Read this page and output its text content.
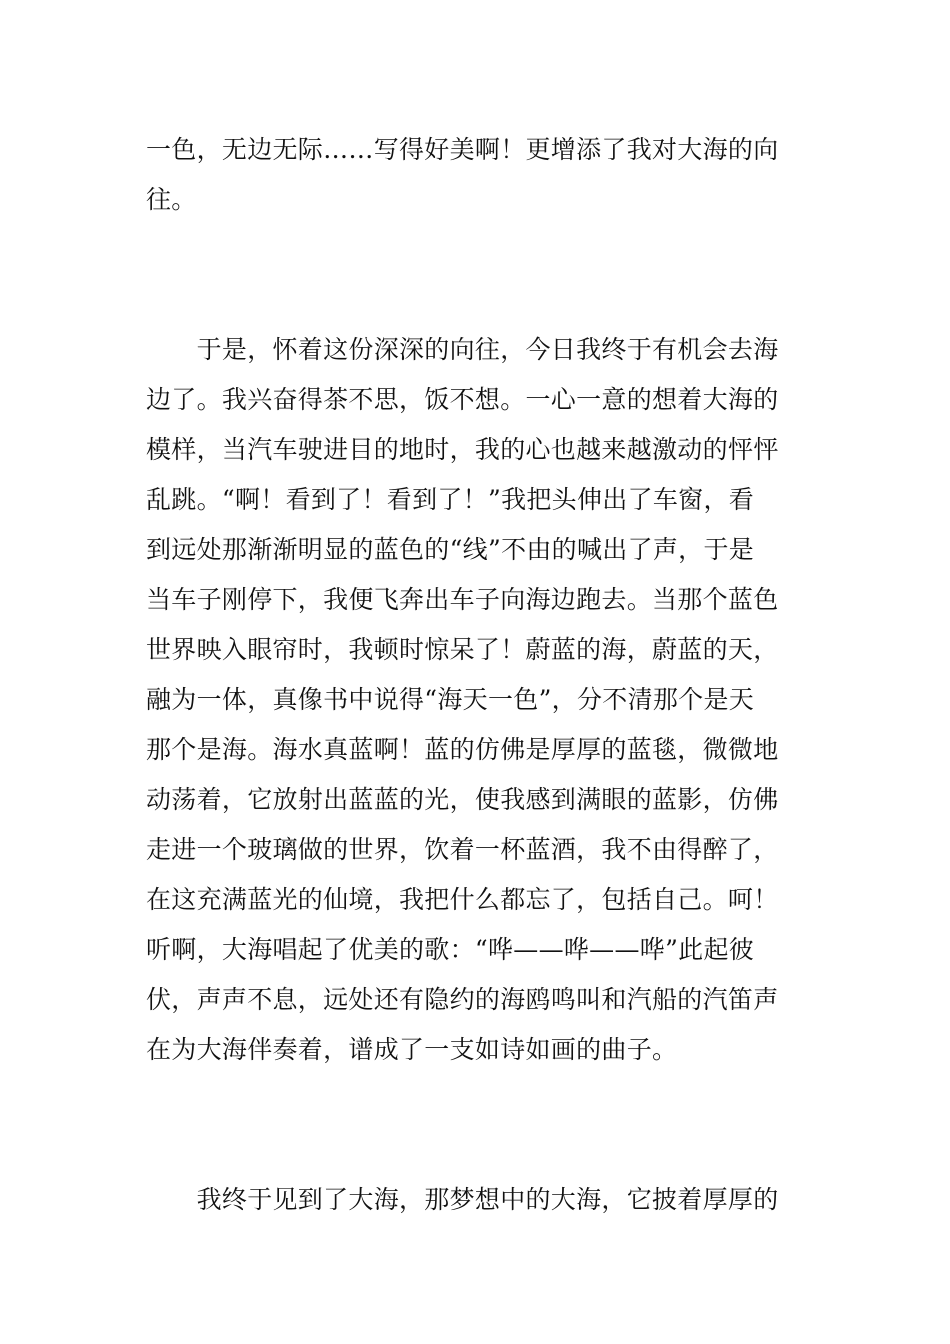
一色，无边无际……写得好美啊！更增添了我对大海的向
往。
　　于是，怀着这份深深的向往，今日我终于有机会去海
边了。我兴奋得茶不思，饭不想。一心一意的想着大海的
模样，当汽车驶进目的地时，我的心也越来越激动的怦怦
乱跳。“啊！看到了！看到了！”我把头伸出了车窗，看
到远处那渐渐明显的蓝色的“线”不由的喊出了声，于是
当车子刚停下，我便飞奔出车子向海边跑去。当那个蓝色
世界映入眼帘时，我顿时惊呆了！蔚蓝的海，蔚蓝的天，
融为一体，真像书中说得“海天一色”，分不清那个是天
那个是海。海水真蓝啊！蓝的仿佛是厚厚的蓝毯，微微地
动荡着，它放射出蓝蓝的光，使我感到满眼的蓝影，仿佛
走进一个玻璃做的世界，饮着一杯蓝酒，我不由得醉了，
在这充满蓝光的仙境，我把什么都忘了，包括自己。呵！
听啊，大海唱起了优美的歌：“哗——哗——哗”此起彼
伏，声声不息，远处还有隐约的海鸥鸣叫和汽船的汽笛声
在为大海伴奏着，谱成了一支如诗如画的曲子。
　　我终于见到了大海，那梦想中的大海，它披着厚厚的
